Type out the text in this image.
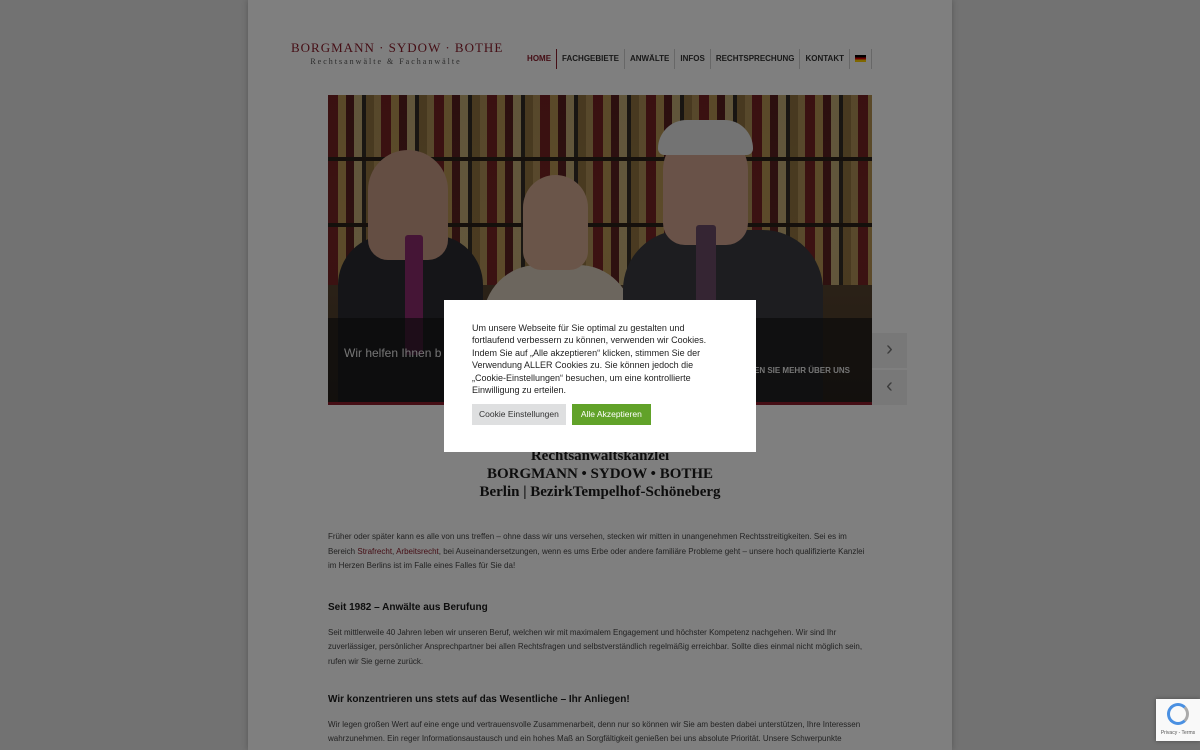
Um unsere Webseite für Sie optimal zu gestalten und fortlaufend verbessern zu können, verwenden wir Cookies. Indem Sie auf „Alle akzeptieren“ klicken, stimmen Sie der Verwendung ALLER Cookies zu. Sie können jedoch die „Cookie-Einstellungen“ besuchen, um eine kontrollierte Einwilligung zu erteilen.
Cookie Einstellungen	Alle Akzeptieren
Privacy - Terms
